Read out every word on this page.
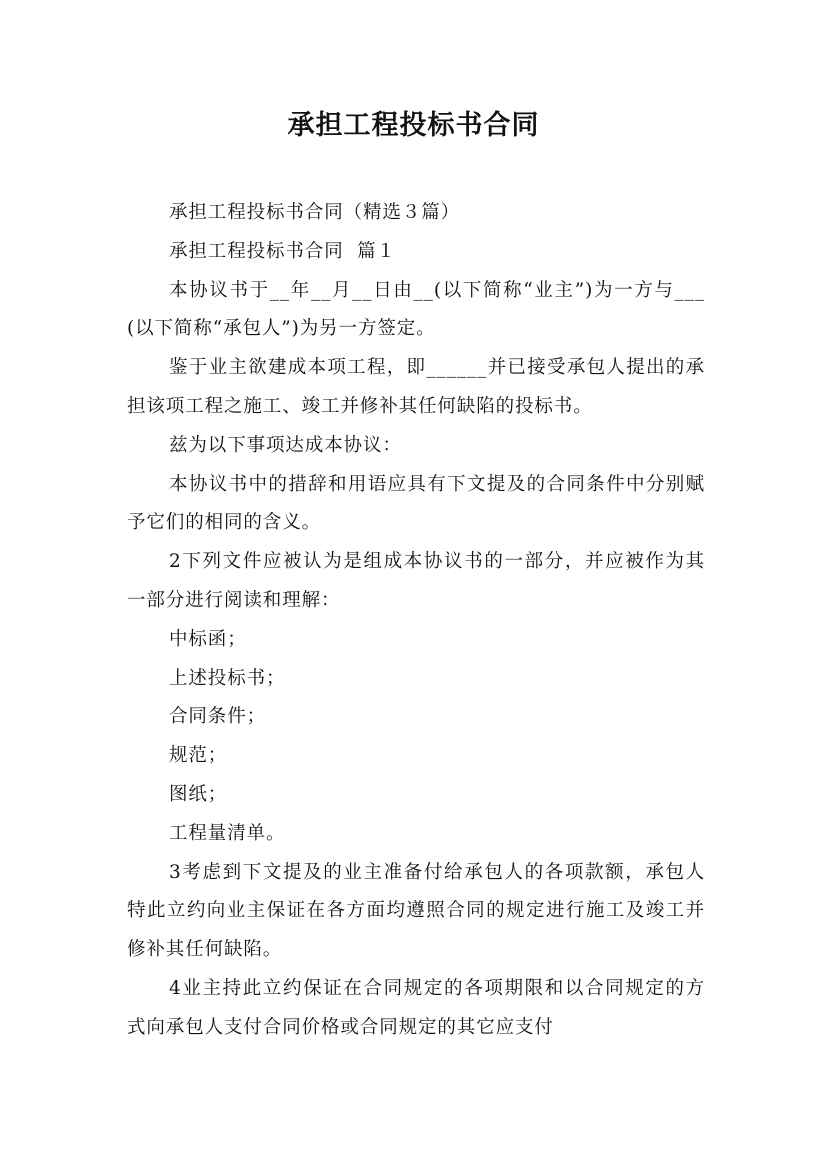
承担工程投标书合同

承担工程投标书合同（精选３篇）

承担工程投标书合同  篇１

本协议书于__年__月__日由__(以下简称“业主”)为一方与___(以下简称“承包人”)为另一方签定。

鉴于业主欲建成本项工程，即______并已接受承包人提出的承担该项工程之施工、竣工并修补其任何缺陷的投标书。

兹为以下事项达成本协议：

本协议书中的措辞和用语应具有下文提及的合同条件中分别赋予它们的相同的含义。

2下列文件应被认为是组成本协议书的一部分，并应被作为其一部分进行阅读和理解：

中标函；

上述投标书；

合同条件；

规范；

图纸；

工程量清单。

3考虑到下文提及的业主准备付给承包人的各项款额，承包人特此立约向业主保证在各方面均遵照合同的规定进行施工及竣工并修补其任何缺陷。

4业主持此立约保证在合同规定的各项期限和以合同规定的方式向承包人支付合同价格或合同规定的其它应支付
